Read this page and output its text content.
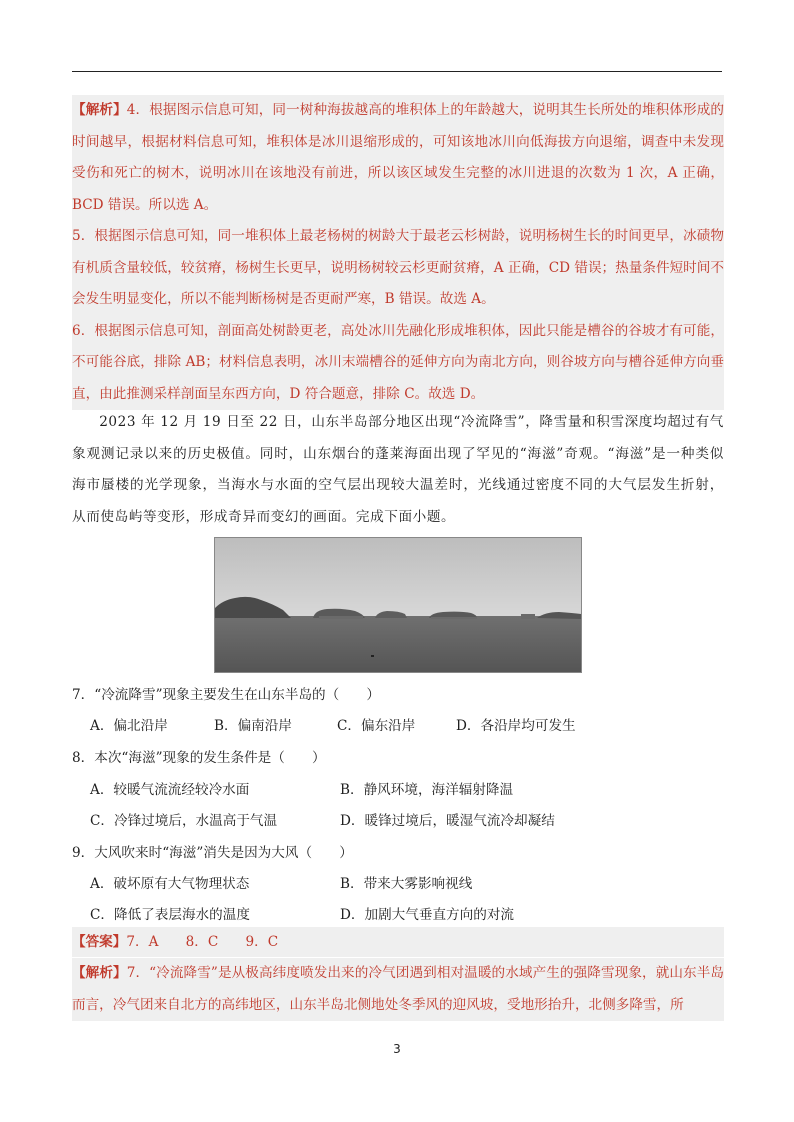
【解析】4．根据图示信息可知，同一树种海拔越高的堆积体上的年龄越大，说明其生长所处的堆积体形成的时间越早，根据材料信息可知，堆积体是冰川退缩形成的，可知该地冰川向低海拔方向退缩，调查中未发现受伤和死亡的树木，说明冰川在该地没有前进，所以该区域发生完整的冰川进退的次数为 1 次，A 正确，BCD 错误。所以选 A。

5．根据图示信息可知，同一堆积体上最老杨树的树龄大于最老云杉树龄，说明杨树生长的时间更早，冰碛物有机质含量较低，较贫瘠，杨树生长更早，说明杨树较云杉更耐贫瘠，A 正确，CD 错误；热量条件短时间不会发生明显变化，所以不能判断杨树是否更耐严寒，B 错误。故选 A。

6．根据图示信息可知，剖面高处树龄更老，高处冰川先融化形成堆积体，因此只能是槽谷的谷坡才有可能，不可能谷底，排除 AB；材料信息表明，冰川末端槽谷的延伸方向为南北方向，则谷坡方向与槽谷延伸方向垂直，由此推测采样剖面呈东西方向，D 符合题意，排除 C。故选 D。

2023 年 12 月 19 日至 22 日，山东半岛部分地区出现“冷流降雪”，降雪量和积雪深度均超过有气象观测记录以来的历史极值。同时，山东烟台的蓬莱海面出现了罕见的“海滋”奇观。“海滋”是一种类似海市蜃楼的光学现象，当海水与水面的空气层出现较大温差时，光线通过密度不同的大气层发生折射，从而使岛屿等变形，形成奇异而变幻的画面。完成下面小题。

7．“冷流降雪”现象主要发生在山东半岛的（　　）
A．偏北沿岸	B．偏南沿岸	C．偏东沿岸	D．各沿岸均可发生
8．本次“海滋”现象的发生条件是（　　）
A．较暖气流流经较冷水面	B．静风环境，海洋辐射降温
C．冷锋过境后，水温高于气温	D．暖锋过境后，暖湿气流冷却凝结
9．大风吹来时“海滋”消失是因为大风（　　）
A．破坏原有大气物理状态	B．带来大雾影响视线
C．降低了表层海水的温度	D．加剧大气垂直方向的对流
【答案】7．A　　8．C　　9．C

【解析】7．“冷流降雪”是从极高纬度喷发出来的冷气团遇到相对温暖的水域产生的强降雪现象，就山东半岛而言，冷气团来自北方的高纬地区，山东半岛北侧地处冬季风的迎风坡，受地形抬升，北侧多降雪，所

3
